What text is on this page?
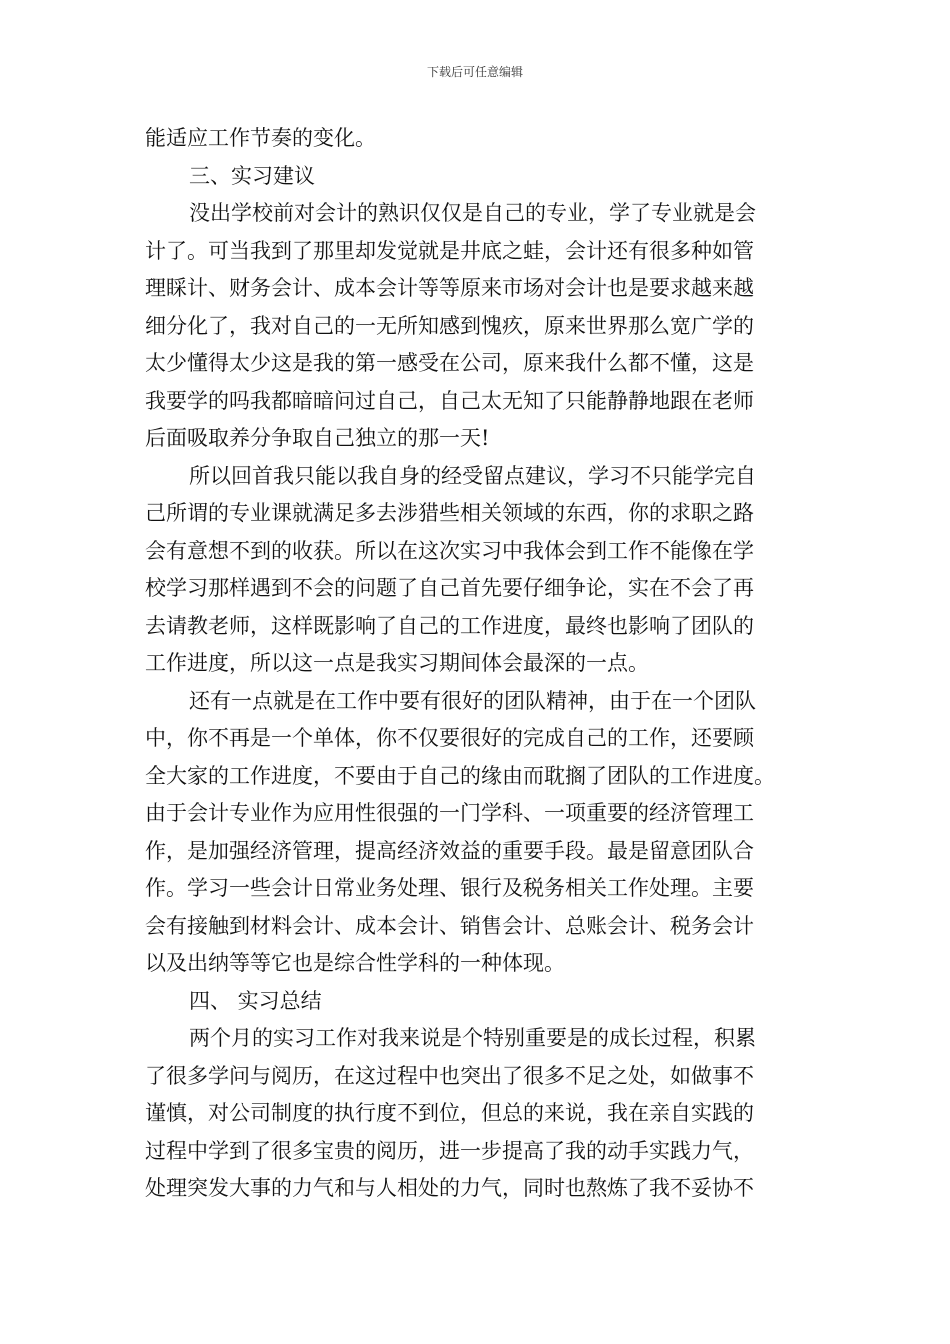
下载后可任意编辑
能适应工作节奏的变化。
三、实习建议
没出学校前对会计的熟识仅仅是自己的专业，学了专业就是会
计了。可当我到了那里却发觉就是井底之蛙，会计还有很多种如管
理睬计、财务会计、成本会计等等原来市场对会计也是要求越来越
细分化了，我对自己的一无所知感到愧疚，原来世界那么宽广学的
太少懂得太少这是我的第一感受在公司，原来我什么都不懂，这是
我要学的吗我都暗暗问过自己，自己太无知了只能静静地跟在老师
后面吸取养分争取自己独立的那一天!
所以回首我只能以我自身的经受留点建议，学习不只能学完自
己所谓的专业课就满足多去涉猎些相关领域的东西，你的求职之路
会有意想不到的收获。所以在这次实习中我体会到工作不能像在学
校学习那样遇到不会的问题了自己首先要仔细争论，实在不会了再
去请教老师，这样既影响了自己的工作进度，最终也影响了团队的
工作进度，所以这一点是我实习期间体会最深的一点。
还有一点就是在工作中要有很好的团队精神，由于在一个团队
中，你不再是一个单体，你不仅要很好的完成自己的工作，还要顾
全大家的工作进度，不要由于自己的缘由而耽搁了团队的工作进度。
由于会计专业作为应用性很强的一门学科、一项重要的经济管理工
作，是加强经济管理，提高经济效益的重要手段。最是留意团队合
作。学习一些会计日常业务处理、银行及税务相关工作处理。主要
会有接触到材料会计、成本会计、销售会计、总账会计、税务会计
以及出纳等等它也是综合性学科的一种体现。
四、 实习总结
两个月的实习工作对我来说是个特别重要是的成长过程，积累
了很多学问与阅历，在这过程中也突出了很多不足之处，如做事不
谨慎，对公司制度的执行度不到位，但总的来说，我在亲自实践的
过程中学到了很多宝贵的阅历，进一步提高了我的动手实践力气，
处理突发大事的力气和与人相处的力气，同时也熬炼了我不妥协不
